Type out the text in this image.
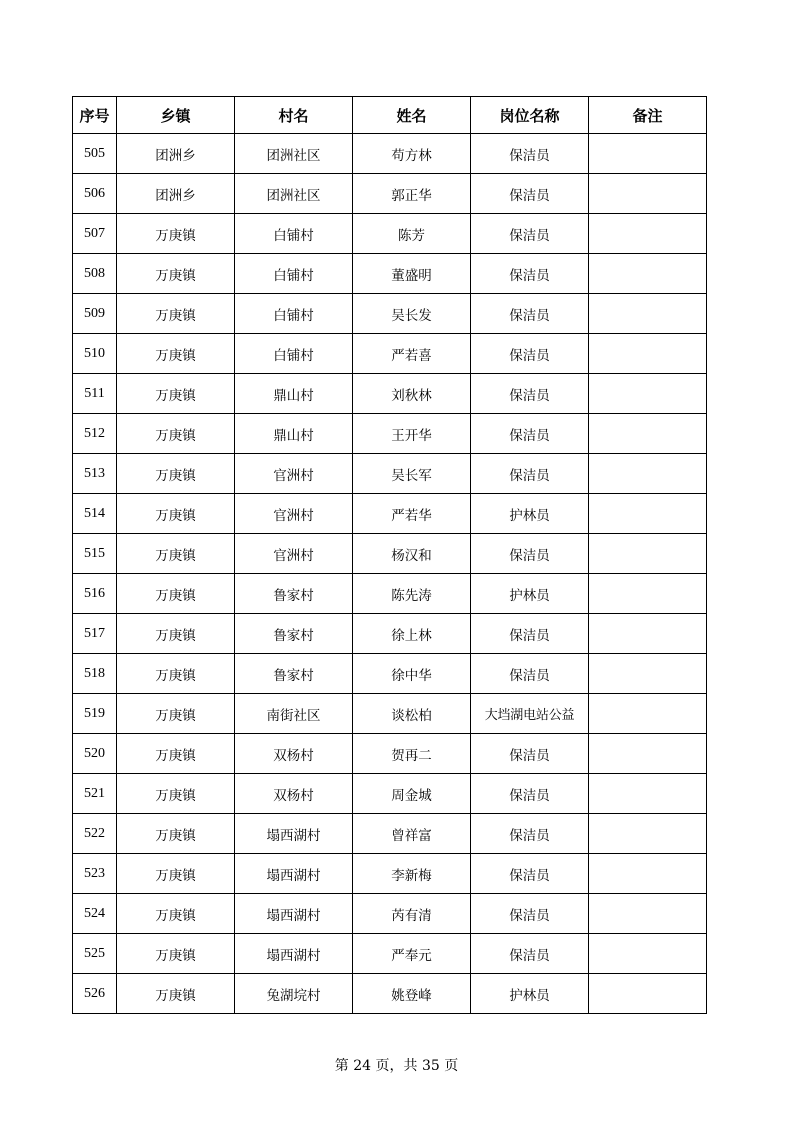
序号	乡镇	村名	姓名	岗位名称	备注
505	团洲乡	团洲社区	苟方林	保洁员	
506	团洲乡	团洲社区	郭正华	保洁员	
507	万庚镇	白铺村	陈芳	保洁员	
508	万庚镇	白铺村	董盛明	保洁员	
509	万庚镇	白铺村	吴长发	保洁员	
510	万庚镇	白铺村	严若喜	保洁员	
511	万庚镇	鼎山村	刘秋林	保洁员	
512	万庚镇	鼎山村	王开华	保洁员	
513	万庚镇	官洲村	吴长军	保洁员	
514	万庚镇	官洲村	严若华	护林员	
515	万庚镇	官洲村	杨汉和	保洁员	
516	万庚镇	鲁家村	陈先涛	护林员	
517	万庚镇	鲁家村	徐上林	保洁员	
518	万庚镇	鲁家村	徐中华	保洁员	
519	万庚镇	南街社区	谈松柏	大垱湖电站公益	
520	万庚镇	双杨村	贺再二	保洁员	
521	万庚镇	双杨村	周金城	保洁员	
522	万庚镇	塌西湖村	曾祥富	保洁员	
523	万庚镇	塌西湖村	李新梅	保洁员	
524	万庚镇	塌西湖村	芮有清	保洁员	
525	万庚镇	塌西湖村	严奉元	保洁员	
526	万庚镇	兔湖垸村	姚登峰	护林员	
第 24 页，共 35 页
